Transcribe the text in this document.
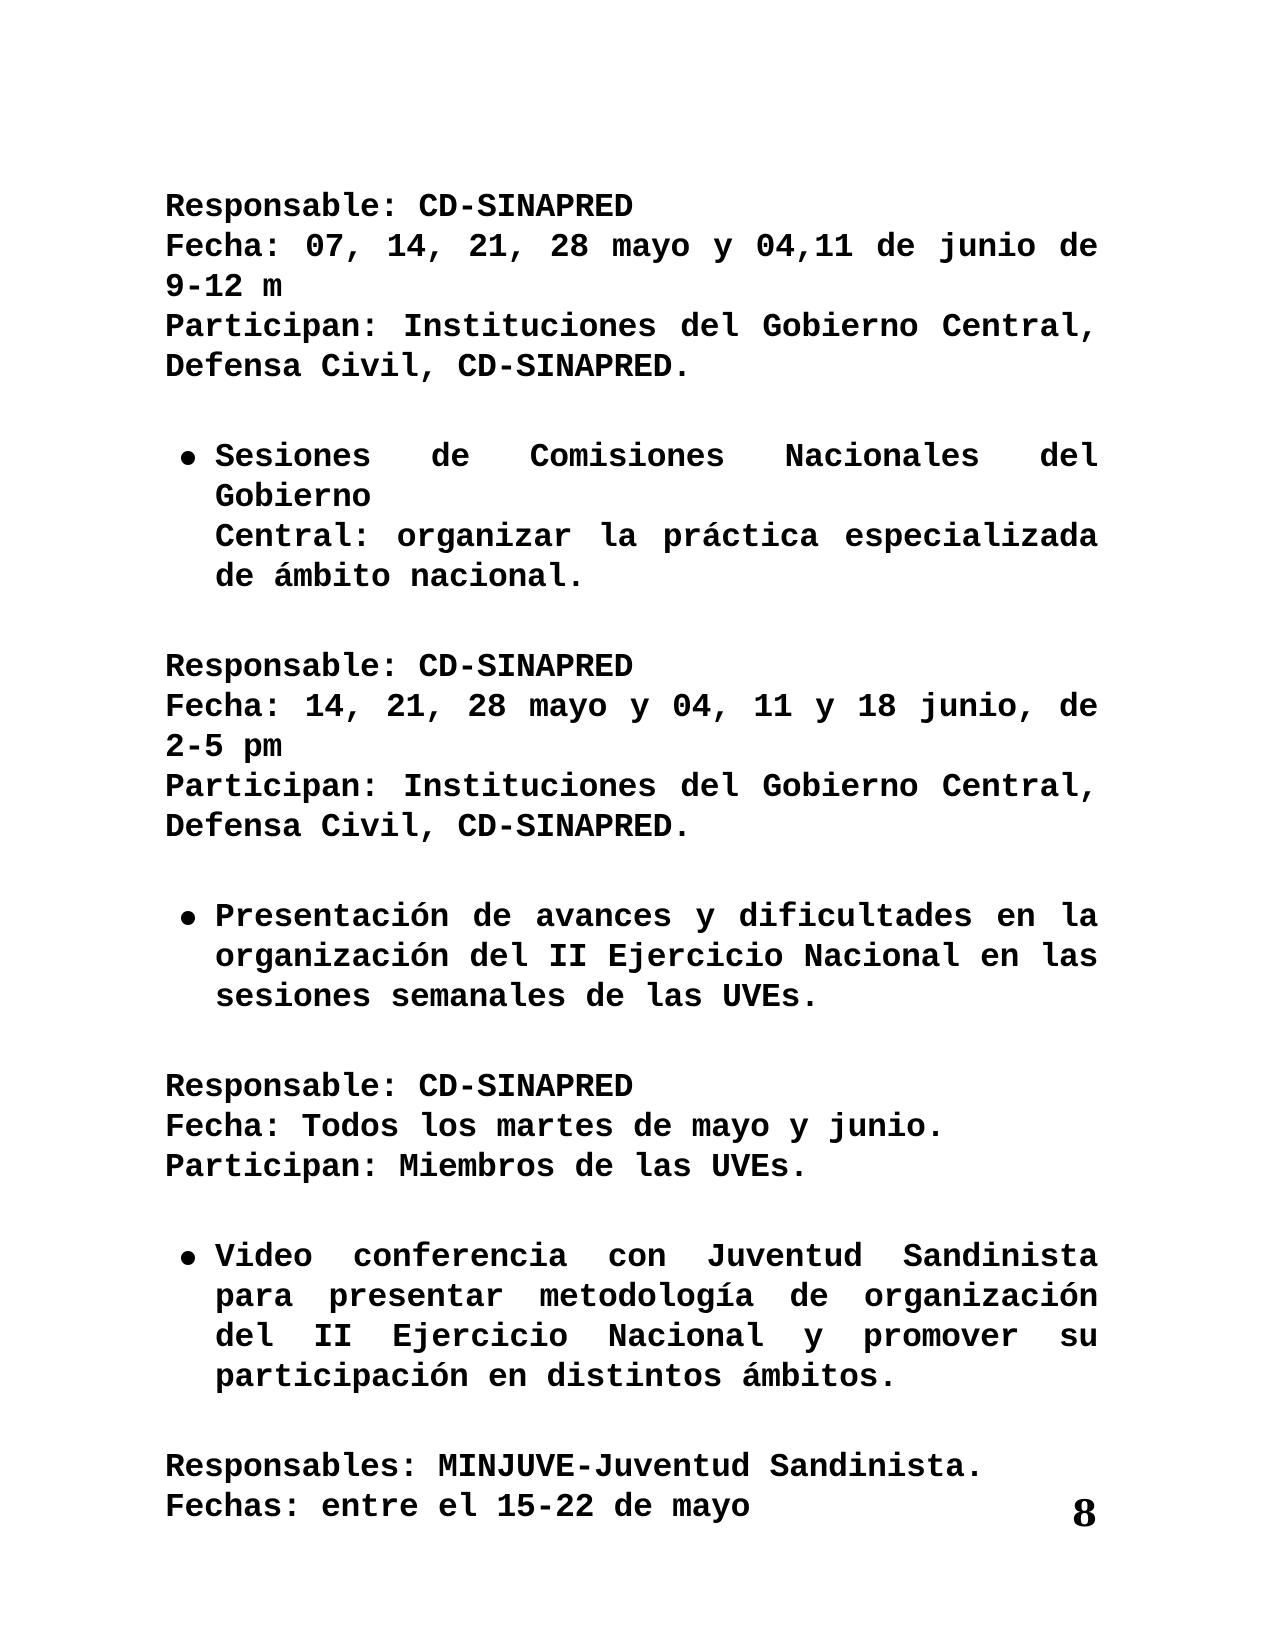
Responsable: CD-SINAPRED
Fecha: 07, 14, 21, 28 mayo y 04,11 de junio de
9-12 m
Participan: Instituciones del Gobierno Central,
Defensa Civil, CD-SINAPRED.
Sesiones de Comisiones Nacionales del Gobierno
Central: organizar la práctica especializada
de ámbito nacional.
Responsable: CD-SINAPRED
Fecha: 14, 21, 28 mayo y 04, 11 y 18 junio, de
2-5 pm
Participan: Instituciones del Gobierno Central,
Defensa Civil, CD-SINAPRED.
Presentación de avances y dificultades en la
organización del II Ejercicio Nacional en las
sesiones semanales de las UVEs.
Responsable: CD-SINAPRED
Fecha: Todos los martes de mayo y junio.
Participan: Miembros de las UVEs.
Video conferencia con Juventud Sandinista
para presentar metodología de organización
del II Ejercicio Nacional y promover su
participación en distintos ámbitos.
Responsables: MINJUVE-Juventud Sandinista.
Fechas: entre el 15-22 de mayo	8
